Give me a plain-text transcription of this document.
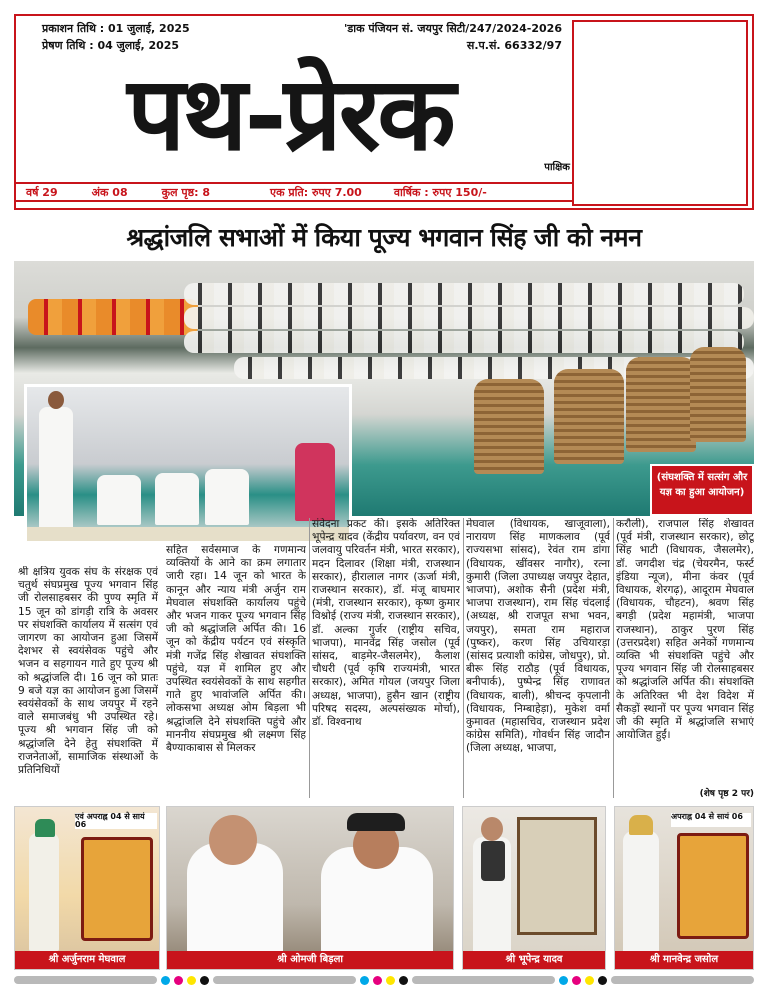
प्रकाशन तिथि : 01 जुलाई, 2025
प्रेषण तिथि : 04 जुलाई, 2025
'डाक पंजियन सं. जयपुर सिटी/247/2024-2026
स.प.सं. 66332/97
पथ-प्रेरक	पाक्षिक
वर्ष 29	अंक 08	कुल पृष्ठ: 8	एक प्रति: रुपए 7.00	वार्षिक : रुपए 150/-
श्रद्धांजलि सभाओं में किया पूज्य भगवान सिंह जी को नमन
(संघशक्ति में सत्संग और यज्ञ का हुआ आयोजन)
श्री क्षत्रिय युवक संघ के संरक्षक एवं चतुर्थ संघप्रमुख पूज्य भगवान सिंह जी रोलसाहबसर की पुण्य स्मृति में 15 जून को डांगड़ी रात्रि के अवसर पर संघशक्ति कार्यालय में सत्संग एवं जागरण का आयोजन हुआ जिसमें देशभर से स्वयंसेवक पहुंचे और भजन व सहगायन गाते हुए पूज्य श्री को श्रद्धांजलि दी। 16 जून को प्रातः 9 बजे यज्ञ का आयोजन हुआ जिसमें स्वयंसेवकों के साथ जयपुर में रहने वाले समाजबंधु भी उपस्थित रहे। पूज्य श्री भगवान सिंह जी को श्रद्धांजलि देने हेतु संघशक्ति में राजनेताओं, सामाजिक संस्थाओं के प्रतिनिधियों
सहित सर्वसमाज के गणमान्य व्यक्तियों के आने का क्रम लगातार जारी रहा। 14 जून को भारत के कानून और न्याय मंत्री अर्जुन राम मेघवाल संघशक्ति कार्यालय पहुंचे और भजन गाकर पूज्य भगवान सिंह जी को श्रद्धांजलि अर्पित की। 16 जून को केंद्रीय पर्यटन एवं संस्कृति मंत्री गजेंद्र सिंह शेखावत संघशक्ति पहुंचे, यज्ञ में शामिल हुए और उपस्थित स्वयंसेवकों के साथ सहगीत गाते हुए भावांजलि अर्पित की। लोकसभा अध्यक्ष ओम बिड़ला भी श्रद्धांजलि देने संघशक्ति पहुंचे और माननीय संघप्रमुख श्री लक्ष्मण सिंह बैण्याकाबास से मिलकर
संवेदना प्रकट की। इसके अतिरिक्त भूपेन्द्र यादव (केंद्रीय पर्यावरण, वन एवं जलवायु परिवर्तन मंत्री, भारत सरकार), मदन दिलावर (शिक्षा मंत्री, राजस्थान सरकार), हीरालाल नागर (ऊर्जा मंत्री, राजस्थान सरकार), डॉ. मंजू बाघमार (मंत्री, राजस्थान सरकार), कृष्ण कुमार विश्नोई (राज्य मंत्री, राजस्थान सरकार), डॉ. अल्का गुर्जर (राष्ट्रीय सचिव, भाजपा), मानवेंद्र सिंह जसोल (पूर्व सांसद, बाड़मेर-जैसलमेर), कैलाश चौधरी (पूर्व कृषि राज्यमंत्री, भारत सरकार), अमित गोयल (जयपुर जिला अध्यक्ष, भाजपा), हुसैन खान (राष्ट्रीय परिषद सदस्य, अल्पसंख्यक मोर्चा), डॉ. विश्वनाथ
मेघवाल (विधायक, खाजूवाला), नारायण सिंह माणकलाव (पूर्व राज्यसभा सांसद), रेवंत राम डांगा (विधायक, खींवसर नागौर), रत्ना कुमारी (जिला उपाध्यक्ष जयपुर देहात, भाजपा), अशोक सैनी (प्रदेश मंत्री, भाजपा राजस्थान), राम सिंह चंदलाई (अध्यक्ष, श्री राजपूत सभा भवन, जयपुर), समता राम महाराज (पुष्कर), करण सिंह उचियारड़ा (सांसद प्रत्याशी कांग्रेस, जोधपुर), प्रो. बीरू सिंह राठौड़ (पूर्व विधायक, बनीपार्क), पुष्पेन्द्र सिंह राणावत (विधायक, बाली), श्रीचन्द कृपलानी (विधायक, निम्बाहेड़ा), मुकेश वर्मा कुमावत (महासचिव, राजस्थान प्रदेश कांग्रेस समिति), गोवर्धन सिंह जादौन (जिला अध्यक्ष, भाजपा,
करौली), राजपाल सिंह शेखावत (पूर्व मंत्री, राजस्थान सरकार), छोटू सिंह भाटी (विधायक, जैसलमेर), डॉ. जगदीश चंद्र (चेयरमैन, फर्स्ट इंडिया न्यूज), मीना कंवर (पूर्व विधायक, शेरगढ़), आदूराम मेघवाल (विधायक, चौहटन), श्रवण सिंह बगड़ी (प्रदेश महामंत्री, भाजपा राजस्थान), ठाकुर पुरण सिंह (उत्तरप्रदेश) सहित अनेकों गणमान्य व्यक्ति भी संघशक्ति पहुंचे और पूज्य भगवान सिंह जी रोलसाहबसर को श्रद्धांजलि अर्पित की। संघशक्ति के अतिरिक्त भी देश विदेश में सैकड़ों स्थानों पर पूज्य भगवान सिंह जी की स्मृति में श्रद्धांजलि सभाएं आयोजित हुईं।
(शेष पृष्ठ 2 पर)
एवं अपराह्न 04 से सायं 06
श्री अर्जुनराम मेघवाल	श्री ओमजी बिड़ला	श्री भूपेन्द्र यादव
अपराह्न 04 से सायं 06
श्री मानवेन्द्र जसोल
